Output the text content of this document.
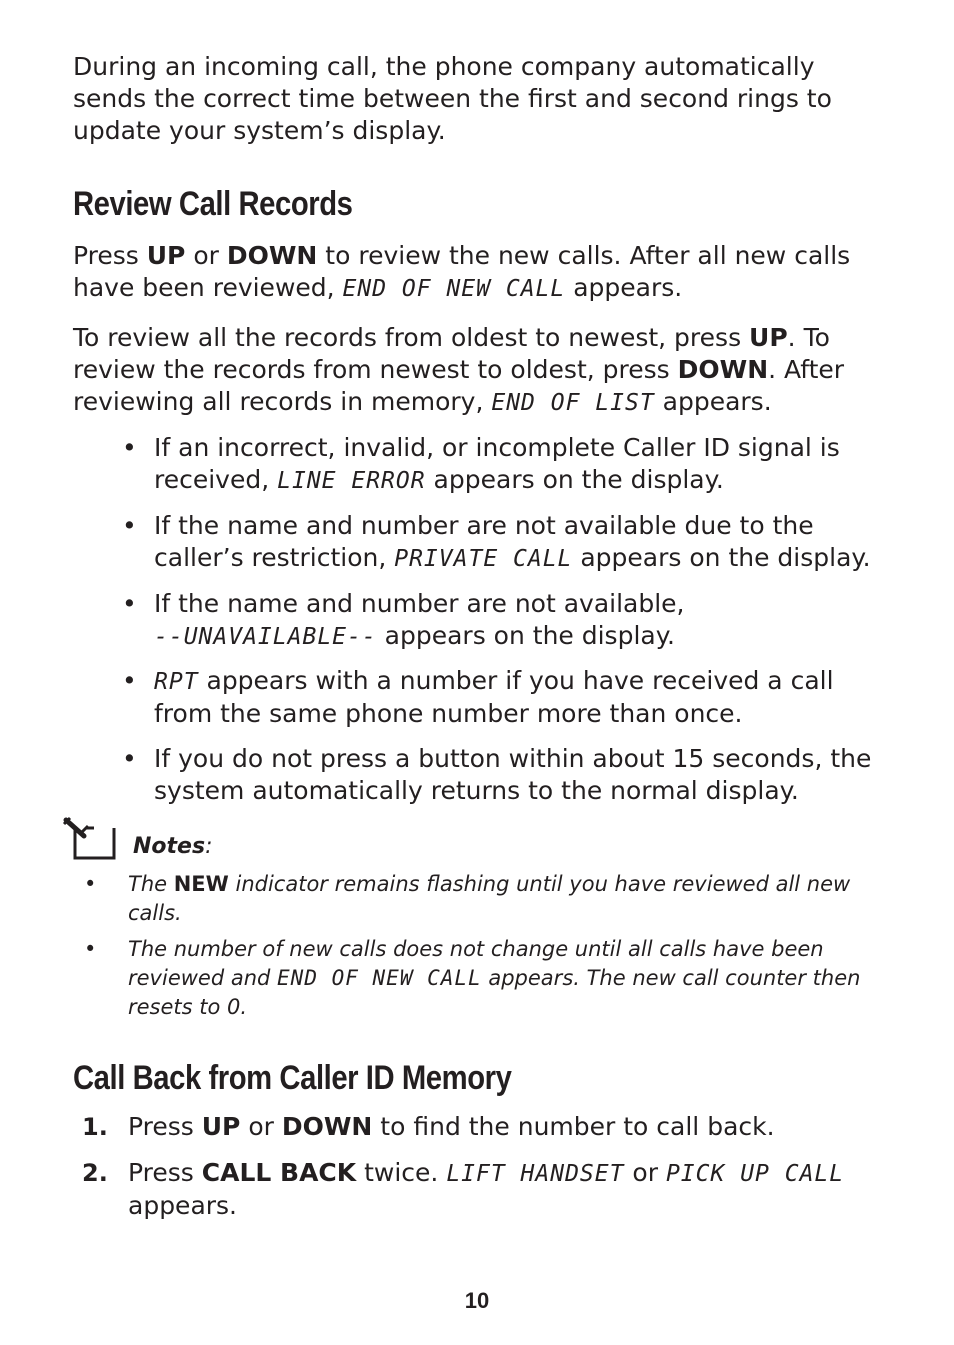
During an incoming call, the phone company automatically sends the correct time between the first and second rings to update your system’s display.

Review Call Records

Press UP or DOWN to review the new calls. After all new calls have been reviewed, END OF NEW CALL appears.

To review all the records from oldest to newest, press UP. To review the records from newest to oldest, press DOWN. After reviewing all records in memory, END OF LIST appears.

• If an incorrect, invalid, or incomplete Caller ID signal is received, LINE ERROR appears on the display.

• If the name and number are not available due to the caller’s restriction, PRIVATE CALL appears on the display.

• If the name and number are not available,
--UNAVAILABLE-- appears on the display.

• RPT appears with a number if you have received a call from the same phone number more than once.

• If you do not press a button within about 15 seconds, the system automatically returns to the normal display.

Notes:
•	The NEW indicator remains flashing until you have reviewed all new calls.

•	The number of new calls does not change until all calls have been reviewed and END OF NEW CALL appears. The new call counter then resets to 0.

Call Back from Caller ID Memory
1. Press UP or DOWN to find the number to call back.

2. Press CALL BACK twice. LIFT HANDSET or PICK UP CALL
appears.

10
